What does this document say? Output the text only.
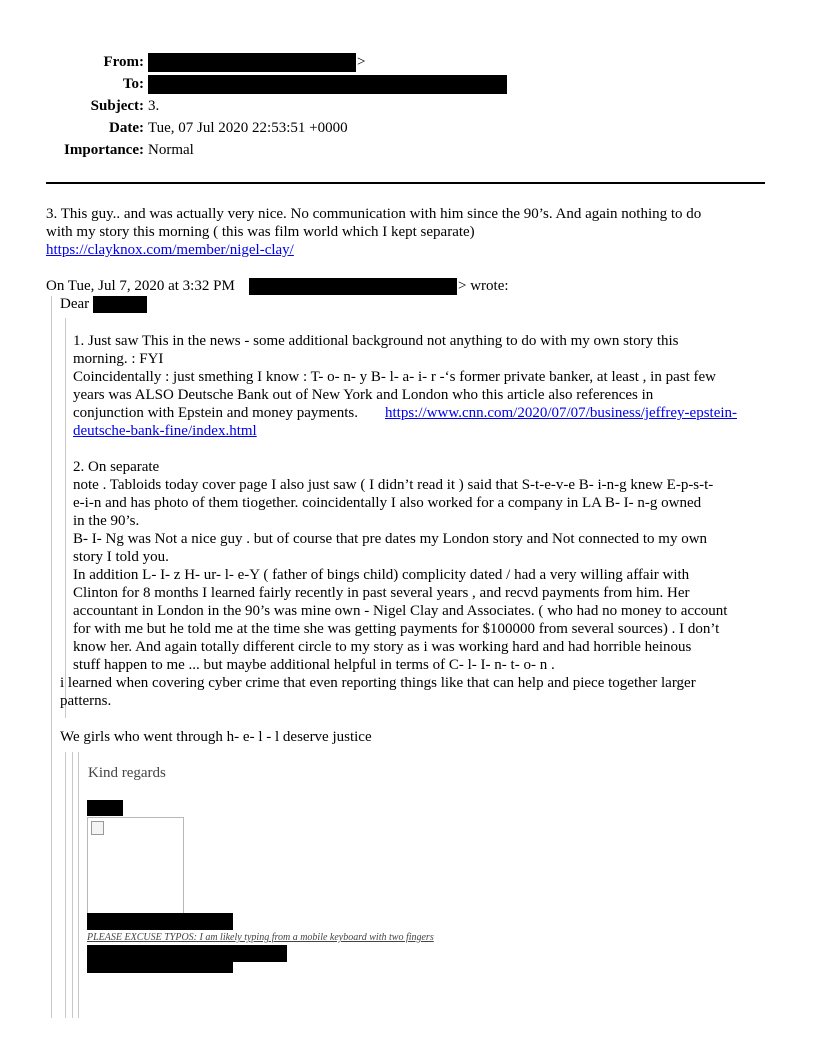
From:	>
To:
Subject: 3.
Date: Tue, 07 Jul 2020 22:53:51 +0000
Importance: Normal
3. This guy.. and was actually very nice. No communication with him since the 90’s. And again nothing to do
with my story this morning ( this was film world which I kept separate)
https://clayknox.com/member/nigel-clay/
On Tue, Jul 7, 2020 at 3:32 PM	> wrote:
Dear
1. Just saw This in the news - some additional background not anything to do with my own story this
morning. : FYI
Coincidentally : just smething I know : T- o- n- y B- l- a- i- r -‘s former private banker, at least , in past few
years was ALSO Deutsche Bank out of New York and London who this article also references in
conjunction with Epstein and money payments. https://www.cnn.com/2020/07/07/business/jeffrey-epstein-
deutsche-bank-fine/index.html
2. On separate
note . Tabloids today cover page I also just saw ( I didn’t read it ) said that S-t-e-v-e B- i-n-g knew E-p-s-t-
e-i-n and has photo of them tiogether. coincidentally I also worked for a company in LA B- I- n-g owned
in the 90’s.
B- I- Ng was Not a nice guy . but of course that pre dates my London story and Not connected to my own
story I told you.
In addition L- I- z H- ur- l- e-Y ( father of bings child) complicity dated / had a very willing affair with
Clinton for 8 months I learned fairly recently in past several years , and recvd payments from him. Her
accountant in London in the 90’s was mine own - Nigel Clay and Associates. ( who had no money to account
for with me but he told me at the time she was getting payments for $100000 from several sources) . I don’t
know her. And again totally different circle to my story as i was working hard and had horrible heinous
stuff happen to me ... but maybe additional helpful in terms of C- l- I- n- t- o- n .
i learned when covering cyber crime that even reporting things like that can help and piece together larger
patterns.
We girls who went through h- e- l - l deserve justice
Kind regards
PLEASE EXCUSE TYPOS: I am likely typing from a mobile keyboard with two fingers
